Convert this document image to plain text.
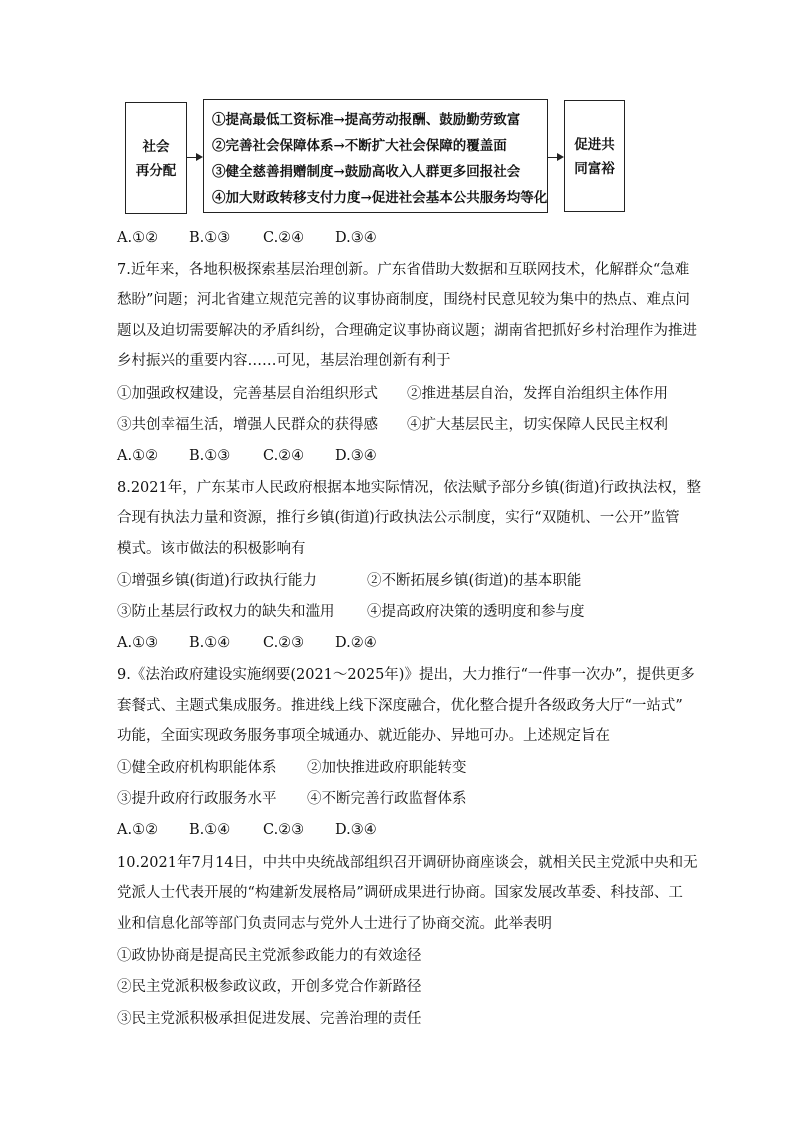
社会
再分配
①提高最低工资标准→提高劳动报酬、鼓励勤劳致富
②完善社会保障体系→不断扩大社会保障的覆盖面
③健全慈善捐赠制度→鼓励高收入人群更多回报社会
④加大财政转移支付力度→促进社会基本公共服务均等化
促进共
同富裕
A.①② B.①③ C.②④ D.③④
7.近年来，各地积极探索基层治理创新。广东省借助大数据和互联网技术，化解群众“急难
愁盼”问题；河北省建立规范完善的议事协商制度，围绕村民意见较为集中的热点、难点问
题以及迫切需要解决的矛盾纠纷，合理确定议事协商议题；湖南省把抓好乡村治理作为推进
乡村振兴的重要内容……可见，基层治理创新有利于
①加强政权建设，完善基层自治组织形式 ②推进基层自治，发挥自治组织主体作用
③共创幸福生活，增强人民群众的获得感 ④扩大基层民主，切实保障人民民主权利
A.①② B.①③ C.②④ D.③④
8.2021年，广东某市人民政府根据本地实际情况，依法赋予部分乡镇(街道)行政执法权，整
合现有执法力量和资源，推行乡镇(街道)行政执法公示制度，实行“双随机、一公开”监管
模式。该市做法的积极影响有
①增强乡镇(街道)行政执行能力	②不断拓展乡镇(街道)的基本职能
③防止基层行政权力的缺失和滥用 ④提高政府决策的透明度和参与度
A.①③ B.①④ C.②③ D.②④
9.《法治政府建设实施纲要(2021～2025年)》提出，大力推行“一件事一次办”，提供更多
套餐式、主题式集成服务。推进线上线下深度融合，优化整合提升各级政务大厅“一站式”
功能，全面实现政务服务事项全城通办、就近能办、异地可办。上述规定旨在
①健全政府机构职能体系 ②加快推进政府职能转变
③提升政府行政服务水平 ④不断完善行政监督体系
A.①② B.①④ C.②③ D.③④
10.2021年7月14日，中共中央统战部组织召开调研协商座谈会，就相关民主党派中央和无
党派人士代表开展的“构建新发展格局”调研成果进行协商。国家发展改革委、科技部、工
业和信息化部等部门负责同志与党外人士进行了协商交流。此举表明
①政协协商是提高民主党派参政能力的有效途径
②民主党派积极参政议政，开创多党合作新路径
③民主党派积极承担促进发展、完善治理的责任
